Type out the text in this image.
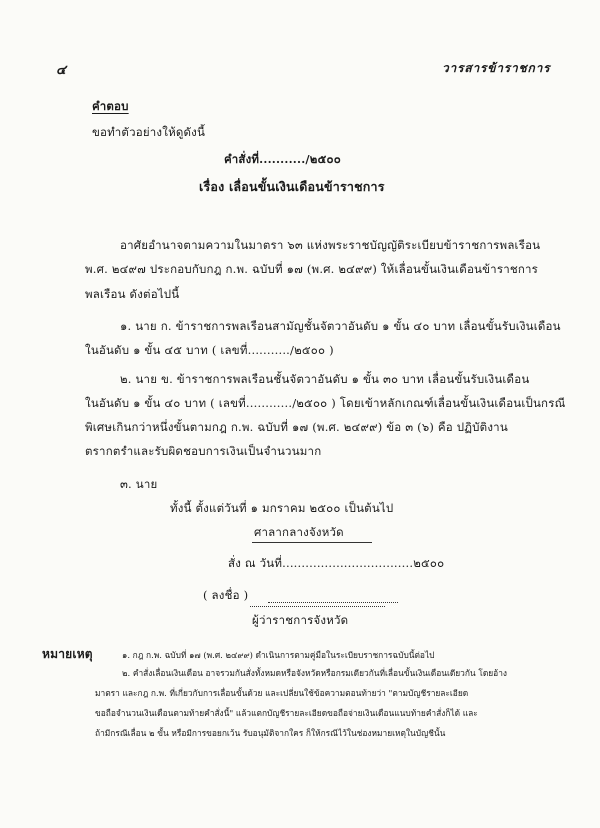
๔	วารสารข้าราชการ
คำตอบ
ขอทำตัวอย่างให้ดูดังนี้
คำสั่งที่.........../๒๕๐๐
เรื่อง เลื่อนขั้นเงินเดือนข้าราชการ
อาศัยอำนาจตามความในมาตรา ๖๓ แห่งพระราชบัญญัติระเบียบข้าราชการพลเรือน
พ.ศ. ๒๔๙๗ ประกอบกับกฎ ก.พ. ฉบับที่ ๑๗ (พ.ศ. ๒๔๙๙) ให้เลื่อนขั้นเงินเดือนข้าราชการ
พลเรือน ดังต่อไปนี้
๑. นาย ก. ข้าราชการพลเรือนสามัญชั้นจัตวาอันดับ ๑ ขั้น ๔๐ บาท เลื่อนขั้นรับเงินเดือน
ในอันดับ ๑ ขั้น ๔๕ บาท ( เลขที่.........../๒๕๐๐ )
๒. นาย ข. ข้าราชการพลเรือนชั้นจัตวาอันดับ ๑ ขั้น ๓๐ บาท เลื่อนขั้นรับเงินเดือน
ในอันดับ ๑ ขั้น ๔๐ บาท ( เลขที่............/๒๕๐๐ ) โดยเข้าหลักเกณฑ์เลื่อนขั้นเงินเดือนเป็นกรณี
พิเศษเกินกว่าหนึ่งขั้นตามกฎ ก.พ. ฉบับที่ ๑๗ (พ.ศ. ๒๔๙๙) ข้อ ๓ (๖) คือ ปฏิบัติงาน
ตรากตรำและรับผิดชอบการเงินเป็นจำนวนมาก
๓. นาย
ทั้งนี้ ตั้งแต่วันที่ ๑ มกราคม ๒๕๐๐ เป็นต้นไป
ศาลากลางจังหวัด
สั่ง ณ วันที่..................................๒๕๐๐
( ลงชื่อ )
ผู้ว่าราชการจังหวัด
หมายเหตุ	๑. กฎ ก.พ. ฉบับที่ ๑๗ (พ.ศ. ๒๔๙๙) ดำเนินการตามคู่มือในระเบียบราชการฉบับนี้ต่อไป
๒. คำสั่งเลื่อนเงินเดือน อาจรวมกันสั่งทั้งหมดหรือจังหวัดหรือกรมเดียวกันที่เลื่อนขั้นเงินเดือนเดียวกัน โดยอ้าง
มาตรา และกฎ ก.พ. ที่เกี่ยวกับการเลื่อนขั้นด้วย และเปลี่ยนใช้ข้อความตอนท้ายว่า "ตามบัญชีรายละเอียด
ขอถือจำนวนเงินเดือนตามท้ายคำสั่งนี้" แล้วแตกบัญชีรายละเอียดขอถือจ่ายเงินเดือนแนบท้ายคำสั่งก็ได้ และ
ถ้ามีกรณีเลื่อน ๒ ขั้น หรือมีการขอยกเว้น รับอนุมัติจากใคร ก็ให้กรณีไว้ในช่องหมายเหตุในบัญชีนั้น
